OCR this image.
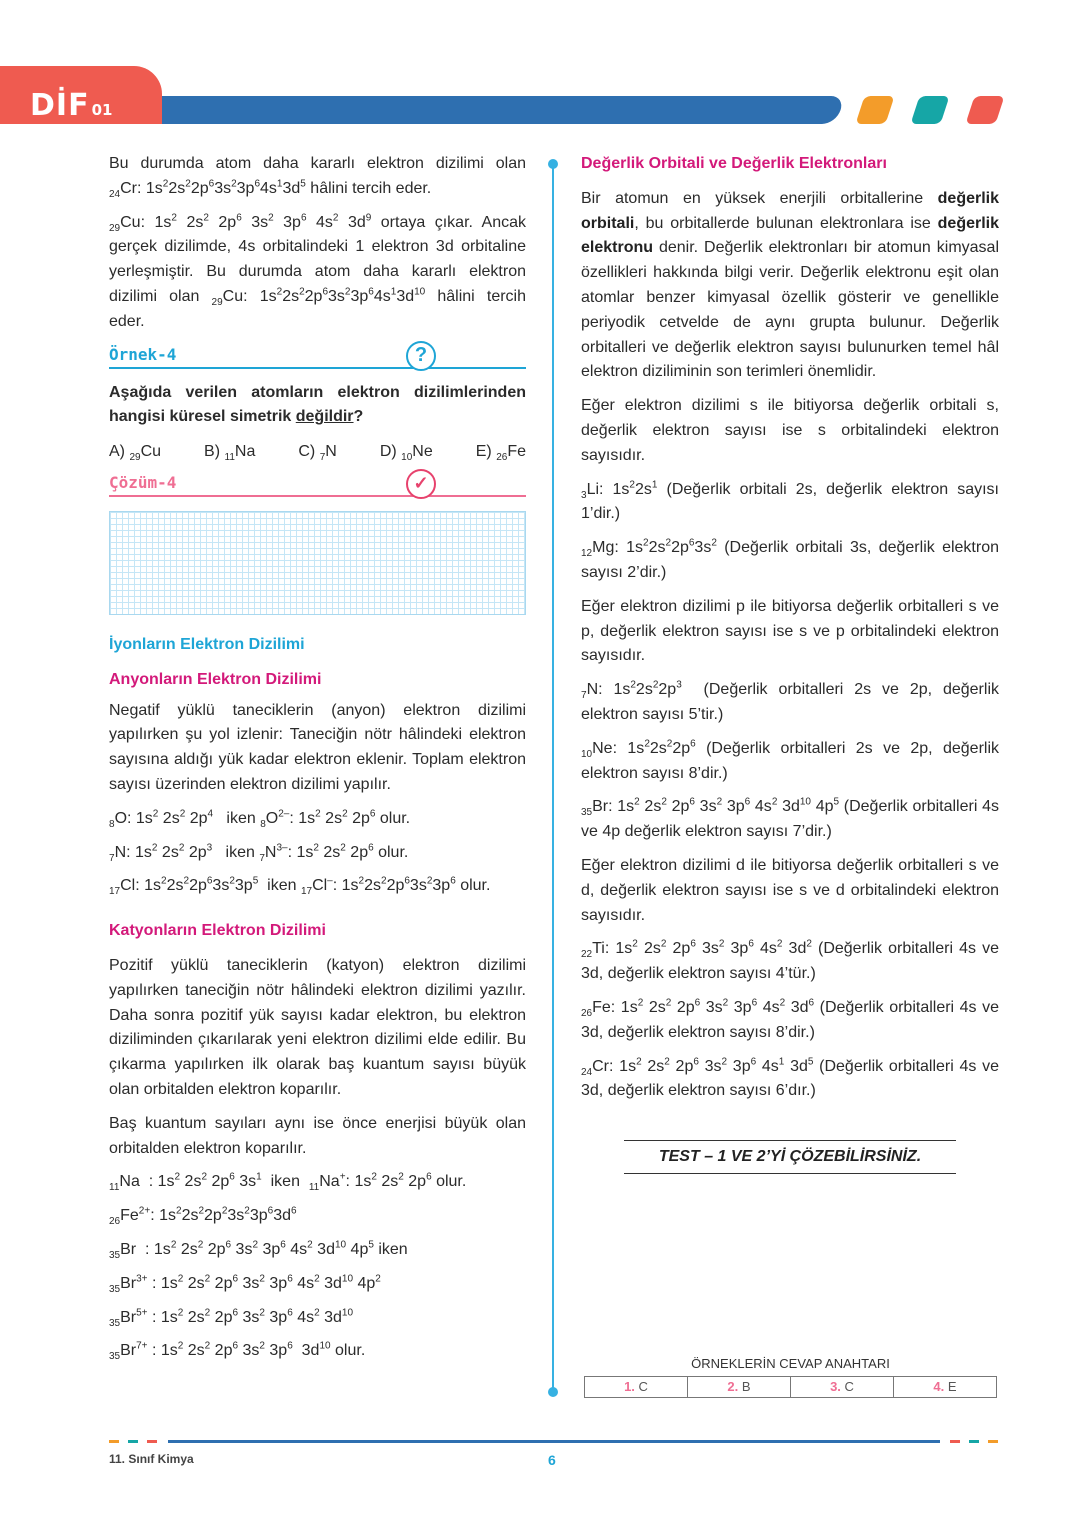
DİF 01

Bu durumda atom daha kararlı elektron dizilimi olan

$_{24}$Cr: $1s^22s^22p^63s^23p^64s^13d^5$ hâlini tercih eder.

$_{29}$Cu: $1s^2$ $2s^2$ $2p^6$ $3s^2$ $3p^6$ $4s^2$ $3d^9$ ortaya çıkar. Ancak gerçek dizilimde, 4s orbitalindeki 1 elektron 3d orbitaline yerleşmiştir. Bu durumda atom daha kararlı elektron dizilimi olan $_{29}$Cu: $1s^22s^22p^63s^23p^64s^13d^{10}$ hâlini tercih eder.

Örnek-4	?

Aşağıda verilen atomların elektron dizilimlerinden hangisi küresel simetrik değildir?

A) $_{29}$Cu	B) $_{11}$Na	C) $_7$N	D) $_{10}$Ne	E) $_{26}$Fe
Çözüm-4	✓

İyonların Elektron Dizilimi

Anyonların Elektron Dizilimi

Negatif yüklü taneciklerin (anyon) elektron dizilimi yapılırken şu yol izlenir: Taneciğin nötr hâlindeki elektron sayısına aldığı yük kadar elektron eklenir. Toplam elektron sayısı üzerinden elektron dizilimi yapılır.

$_8$O: $1s^2$ $2s^2$ $2p^4$   iken $_8O^{2-}$: $1s^2$ $2s^2$ $2p^6$ olur.

$_7$N: $1s^2$ $2s^2$ $2p^3$   iken $_7N^{3-}$: $1s^2$ $2s^2$ $2p^6$ olur.

$_{17}$Cl: $1s^22s^22p^63s^23p^5$  iken $_{17}$Cl–: $1s^22s^22p^63s^23p^6$ olur.

Katyonların Elektron Dizilimi

Pozitif yüklü taneciklerin (katyon) elektron dizilimi yapılırken taneciğin nötr hâlindeki elektron dizilimi yazılır. Daha sonra pozitif yük sayısı kadar elektron, bu elektron diziliminden çıkarılarak yeni elektron dizilimi elde edilir. Bu çıkarma yapılırken ilk olarak baş kuantum sayısı büyük olan orbitalden elektron koparılır.

Baş kuantum sayıları aynı ise önce enerjisi büyük olan orbitalden elektron koparılır.

$_{11}$Na  : $1s^2$ $2s^2$ $2p^6$ $3s^1$  iken  $_{11}$Na+: $1s^2$ $2s^2$ $2p^6$ olur.

$_{26}Fe^{2+}$: $1s^22s^22p^23s^23p^63d^6$

$_{35}$Br  : $1s^2$ $2s^2$ $2p^6$ $3s^2$ $3p^6$ $4s^2$ $3d^{10}$ $4p^5$ iken

$_{35}Br^{3+}$ : $1s^2$ $2s^2$ $2p^6$ $3s^2$ $3p^6$ $4s^2$ $3d^{10}$ $4p^2$

$_{35}Br^{5+}$ : $1s^2$ $2s^2$ $2p^6$ $3s^2$ $3p^6$ $4s^2$ $3d^{10}$

$_{35}Br^{7+}$ : $1s^2$ $2s^2$ $2p^6$ $3s^2$ $3p^6$  $3d^{10}$ olur.

Değerlik Orbitali ve Değerlik Elektronları

Bir atomun en yüksek enerjili orbitallerine değerlik orbitali, bu orbitallerde bulunan elektronlara ise değerlik elektronu denir. Değerlik elektronları bir atomun kimyasal özellikleri hakkında bilgi verir. Değerlik elektronu eşit olan atomlar benzer kimyasal özellik gösterir ve genellikle periyodik cetvelde de aynı grupta bulunur. Değerlik orbitalleri ve değerlik elektron sayısı bulunurken temel hâl elektron diziliminin son terimleri önemlidir.

Eğer elektron dizilimi s ile bitiyorsa değerlik orbitali s, değerlik elektron sayısı ise s orbitalindeki elektron sayısıdır.

$_3$Li: $1s^22s^1$ (Değerlik orbitali 2s, değerlik elektron sayısı 1’dir.)

$_{12}$Mg: $1s^22s^22p^63s^2$ (Değerlik orbitali 3s, değerlik elektron sayısı 2’dir.)

Eğer elektron dizilimi p ile bitiyorsa değerlik orbitalleri s ve p, değerlik elektron sayısı ise s ve p orbitalindeki elektron sayısıdır.

$_7$N: $1s^22s^22p^3$  (Değerlik orbitalleri 2s ve 2p, değerlik elektron sayısı 5’tir.)

$_{10}$Ne: $1s^22s^22p^6$ (Değerlik orbitalleri 2s ve 2p, değerlik elektron sayısı 8’dir.)

$_{35}$Br: $1s^2$ $2s^2$ $2p^6$ $3s^2$ $3p^6$ $4s^2$ $3d^{10}$ $4p^5$ (Değerlik orbitalleri 4s ve 4p değerlik elektron sayısı 7’dir.)

Eğer elektron dizilimi d ile bitiyorsa değerlik orbitalleri s ve d, değerlik elektron sayısı ise s ve d orbitalindeki elektron sayısıdır.

$_{22}$Ti: $1s^2$ $2s^2$ $2p^6$ $3s^2$ $3p^6$ $4s^2$ $3d^2$ (Değerlik orbitalleri 4s ve 3d, değerlik elektron sayısı 4’tür.)

$_{26}$Fe: $1s^2$ $2s^2$ $2p^6$ $3s^2$ $3p^6$ $4s^2$ $3d^6$ (Değerlik orbitalleri 4s ve 3d, değerlik elektron sayısı 8’dir.)

$_{24}$Cr: $1s^2$ $2s^2$ $2p^6$ $3s^2$ $3p^6$ $4s^1$ $3d^5$ (Değerlik orbitalleri 4s ve 3d, değerlik elektron sayısı 6’dır.)

TEST – 1 VE 2’Yİ ÇÖZEBİLİRSİNİZ.
ÖRNEKLERİN CEVAP ANAHTARI
1. C	2. B	3. C	4. E
11. Sınıf Kimya	6
